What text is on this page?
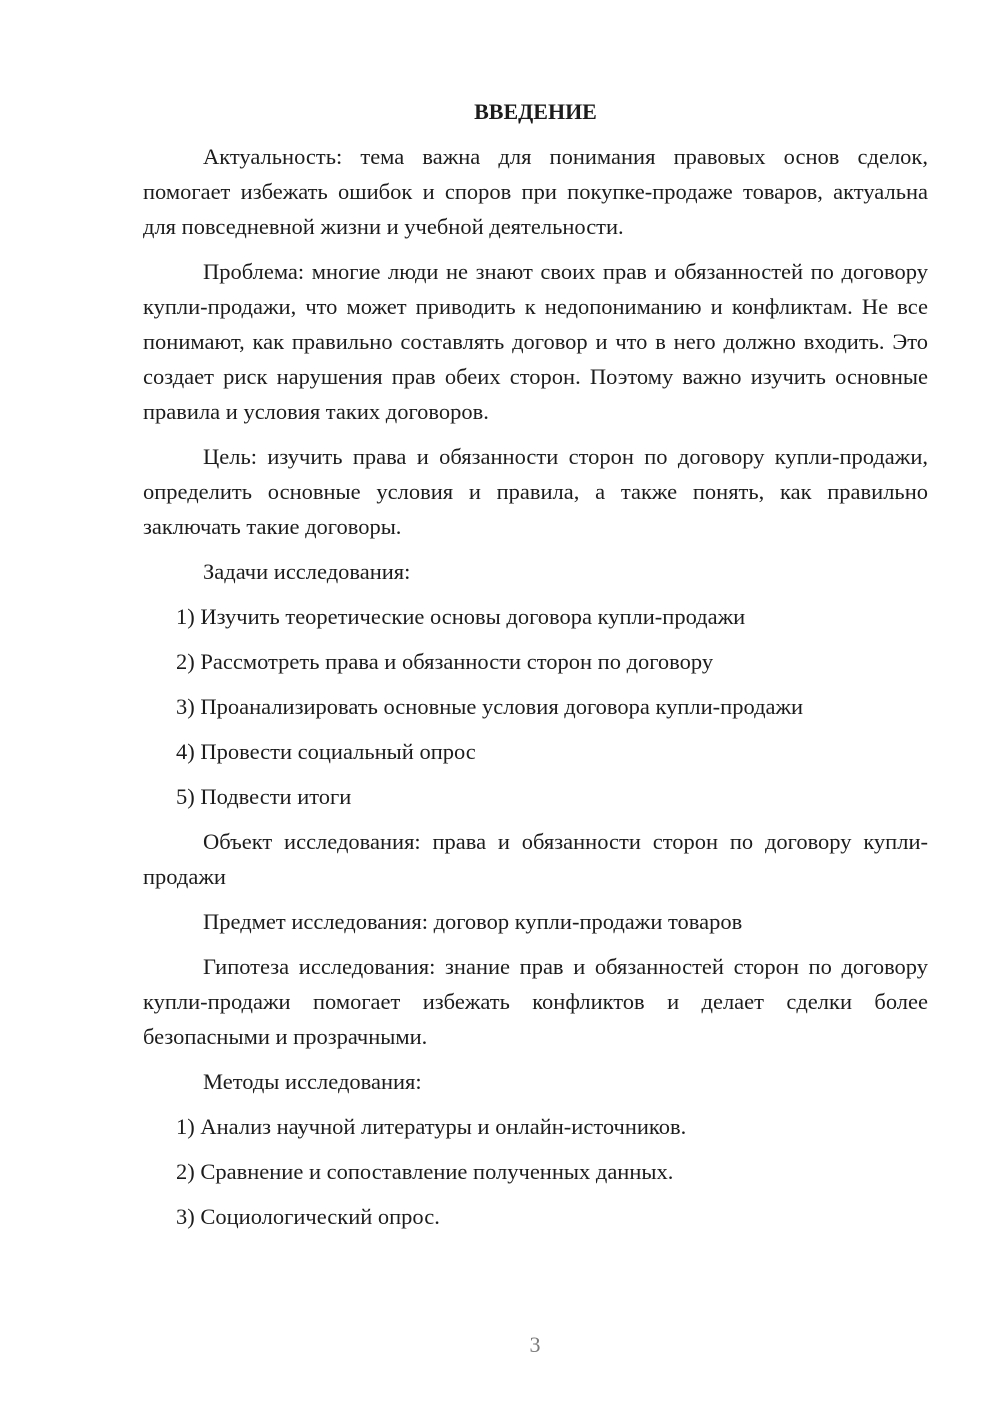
ВВЕДЕНИЕ
Актуальность: тема важна для понимания правовых основ сделок, помогает избежать ошибок и споров при покупке-продаже товаров, актуальна для повседневной жизни и учебной деятельности.
Проблема: многие люди не знают своих прав и обязанностей по договору купли-продажи, что может приводить к недопониманию и конфликтам. Не все понимают, как правильно составлять договор и что в него должно входить. Это создает риск нарушения прав обеих сторон. Поэтому важно изучить основные правила и условия таких договоров.
Цель: изучить права и обязанности сторон по договору купли-продажи, определить основные условия и правила, а также понять, как правильно заключать такие договоры.
Задачи исследования:
1) Изучить теоретические основы договора купли-продажи
2) Рассмотреть права и обязанности сторон по договору
3) Проанализировать основные условия договора купли-продажи
4) Провести социальный опрос
5) Подвести итоги
Объект исследования: права и обязанности сторон по договору купли-продажи
Предмет исследования: договор купли-продажи товаров
Гипотеза исследования: знание прав и обязанностей сторон по договору купли-продажи помогает избежать конфликтов и делает сделки более безопасными и прозрачными.
Методы исследования:
1) Анализ научной литературы и онлайн-источников.
2) Сравнение и сопоставление полученных данных.
3) Социологический опрос.
3
